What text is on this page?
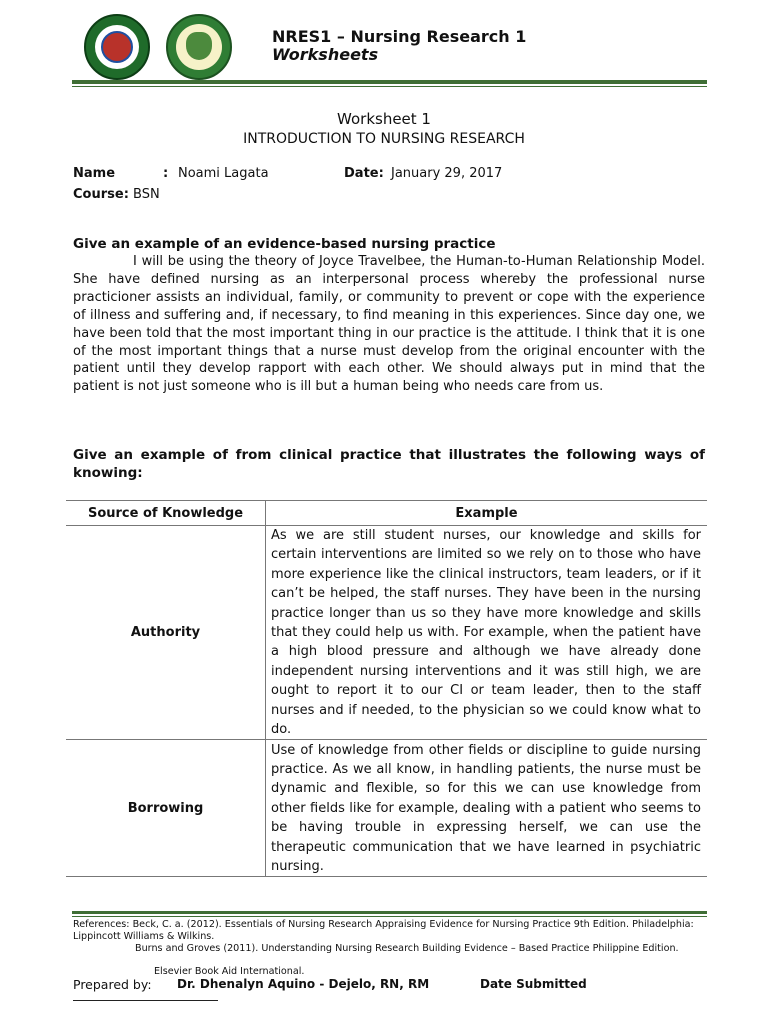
NRES1 – Nursing Research 1
Worksheets
Worksheet 1
INTRODUCTION TO NURSING RESEARCH
Name	: Noami Lagata	Date: January 29, 2017
Course: BSN
Give an example of an evidence-based nursing practice
I will be using the theory of Joyce Travelbee, the Human-to-Human Relationship Model. She have defined nursing as an interpersonal process whereby the professional nurse practicioner assists an individual, family, or community to prevent or cope with the experience of illness and suffering and, if necessary, to find meaning in this experiences. Since day one, we have been told that the most important thing in our practice is the attitude. I think that it is one of the most important things that a nurse must develop from the original encounter with the patient until they develop rapport with each other. We should always put in mind that the patient is not just someone who is ill but a human being who needs care from us.
Give an example of from clinical practice that illustrates the following ways of knowing:
Source of Knowledge	Example
Authority	As we are still student nurses, our knowledge and skills for certain interventions are limited so we rely on to those who have more experience like the clinical instructors, team leaders, or if it can’t be helped, the staff nurses. They have been in the nursing practice longer than us so they have more knowledge and skills that they could help us with. For example, when the patient have a high blood pressure and although we have already done independent nursing interventions and it was still high, we are ought to report it to our CI or team leader, then to the staff nurses and if needed, to the physician so we could know what to do.
Borrowing	Use of knowledge from other fields or discipline to guide nursing practice. As we all know, in handling patients, the nurse must be dynamic and flexible, so for this we can use knowledge from other fields like for example, dealing with a patient who seems to be having trouble in expressing herself, we can use the therapeutic communication that we have learned in psychiatric nursing.
References: Beck, C. a. (2012). Essentials of Nursing Research Appraising Evidence for Nursing Practice 9th Edition. Philadelphia: Lippincott Williams & Wilkins.
Burns and Groves (2011). Understanding Nursing Research Building Evidence – Based Practice Philippine Edition.
Elsevier Book Aid International.
Prepared by: Dr. Dhenalyn Aquino - Dejelo, RN, RM	Date Submitted
